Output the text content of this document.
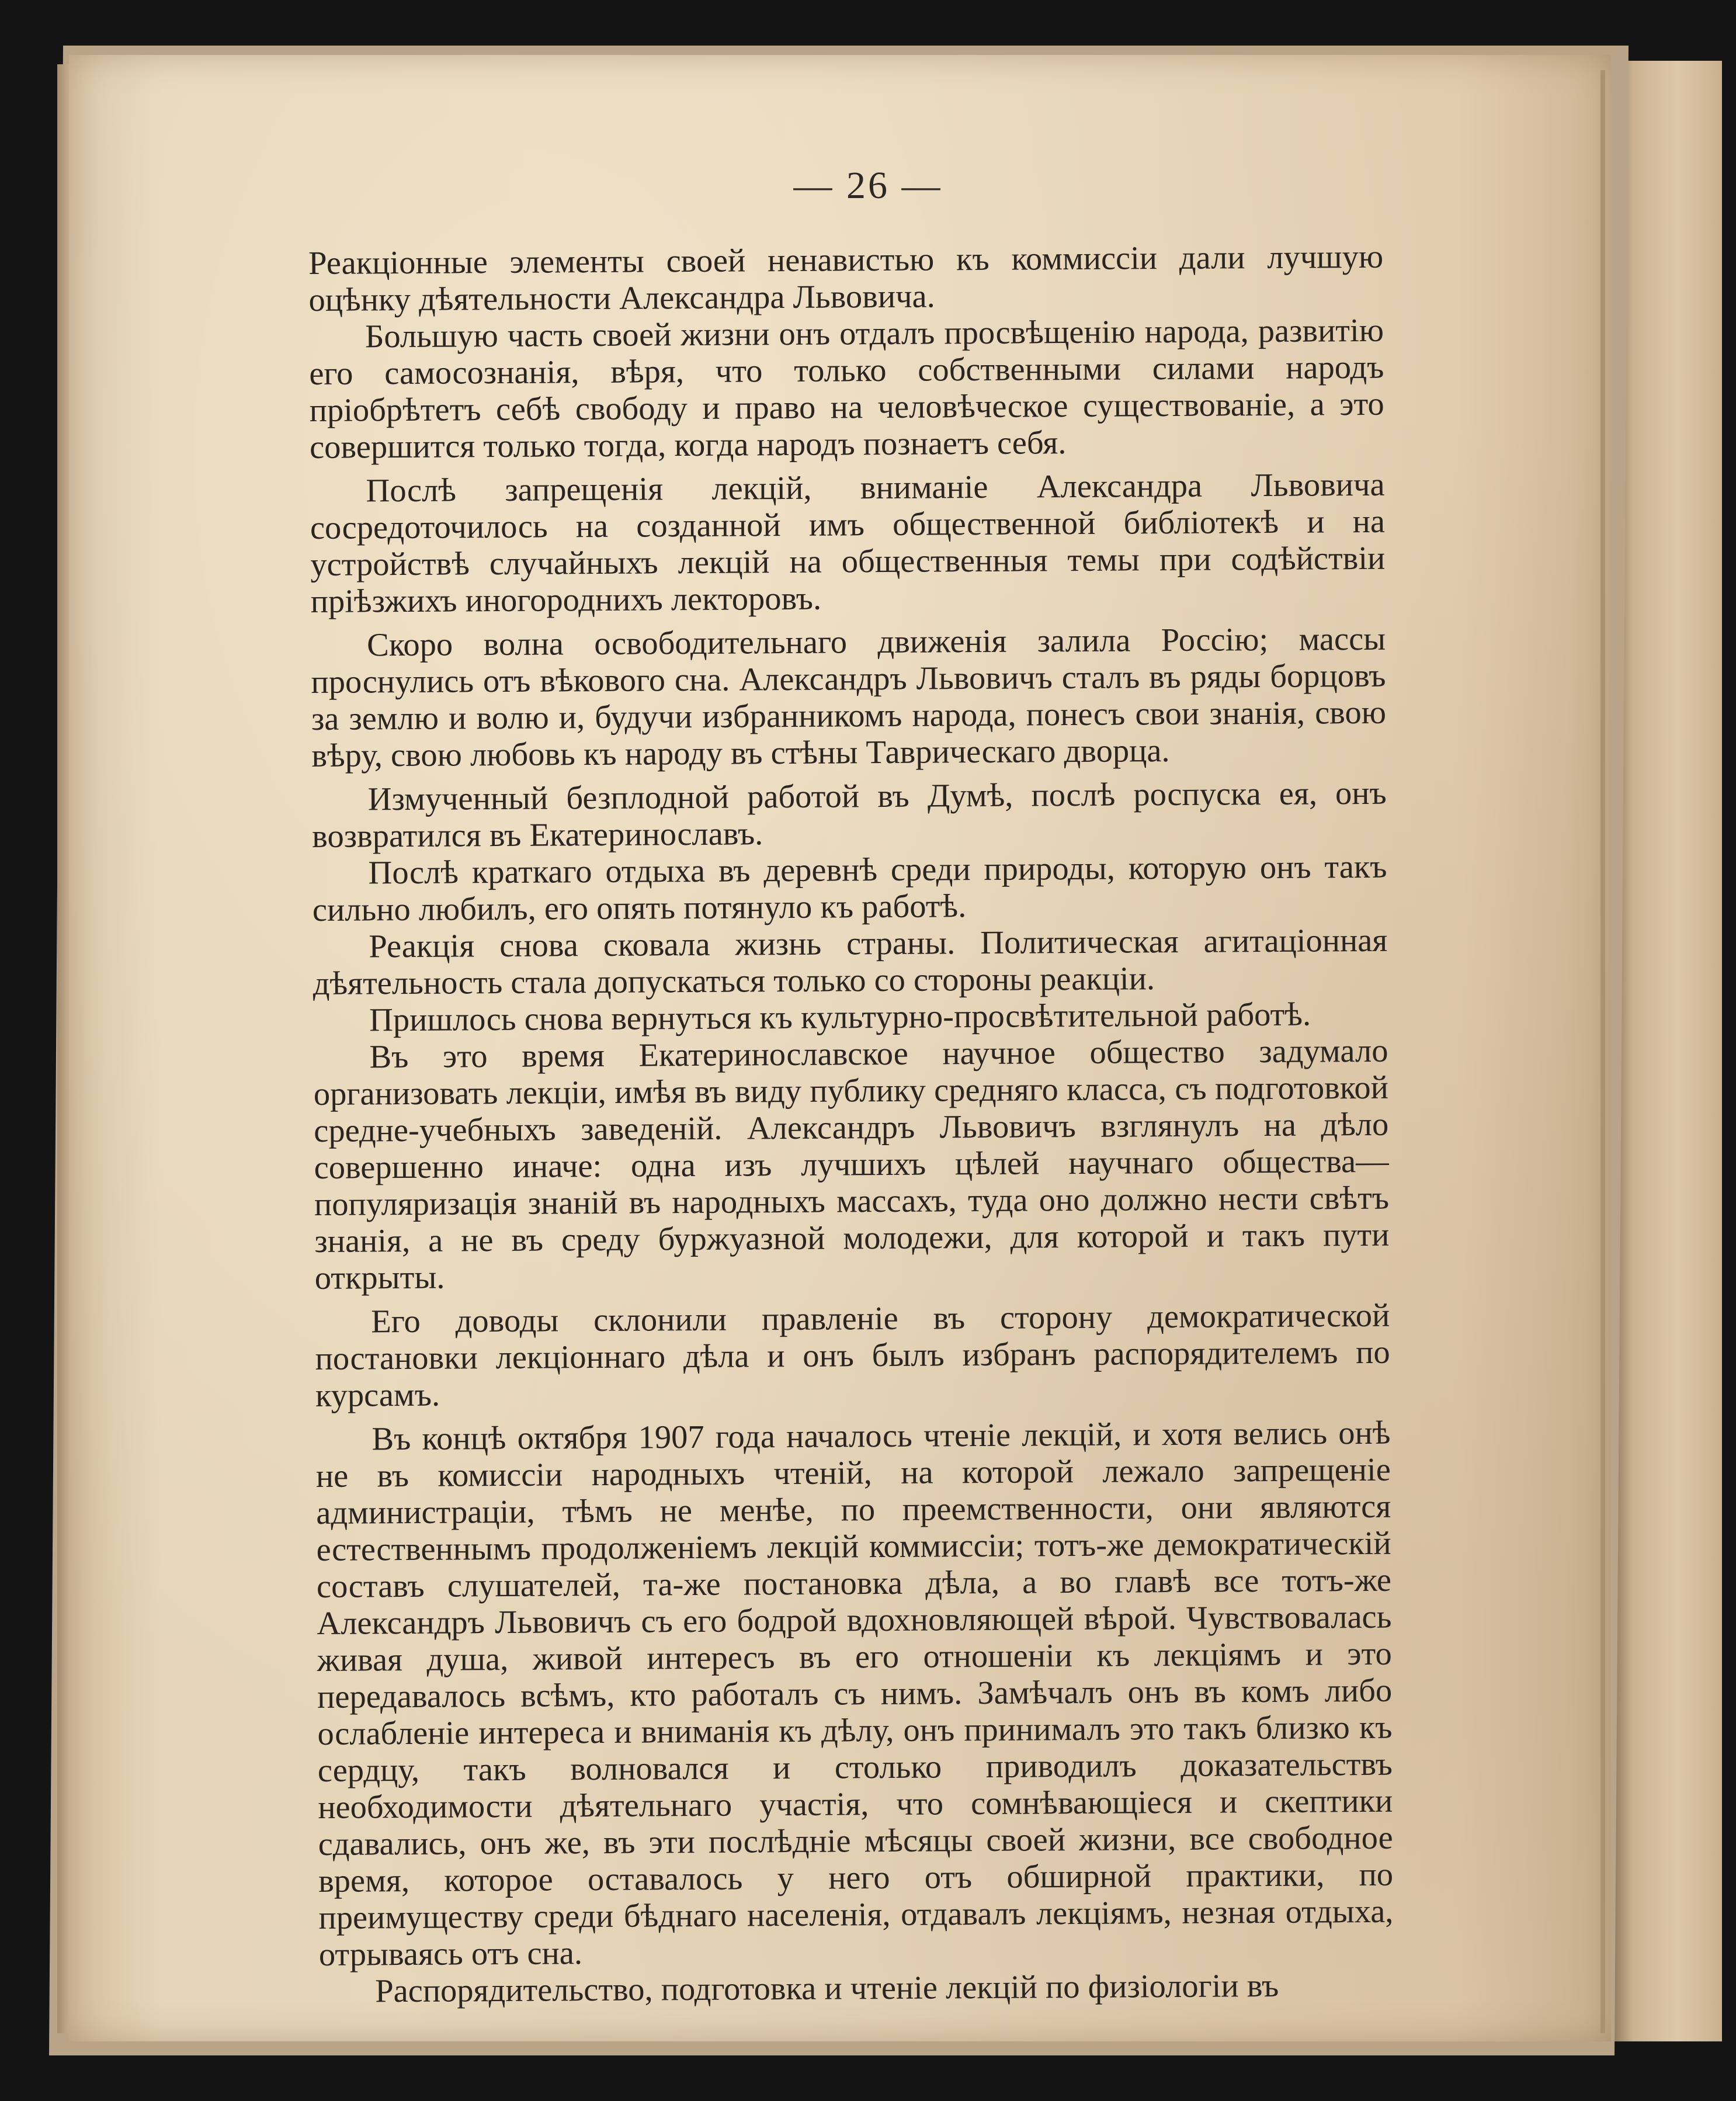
— 26 —

Реакціонные элементы своей ненавистью къ коммиссіи дали лучшую оцѣнку дѣятельности Александра Львовича.

Большую часть своей жизни онъ отдалъ просвѣщенію народа, развитію его самосознанія, вѣря, что только собственными силами народъ пріобрѣтетъ себѣ свободу и право на человѣческое существованіе, а это совершится только тогда, когда народъ познаетъ себя.

Послѣ запрещенія лекцій, вниманіе Александра Львовича сосредоточилось на созданной имъ общественной библіотекѣ и на устройствѣ случайныхъ лекцій на общественныя темы при содѣйствіи пріѣзжихъ иногороднихъ лекторовъ.

Скоро волна освободительнаго движенія залила Россію; массы проснулись отъ вѣкового сна. Александръ Львовичъ сталъ въ ряды борцовъ за землю и волю и, будучи избранникомъ народа, понесъ свои знанія, свою вѣру, свою любовь къ народу въ стѣны Таврическаго дворца.

Измученный безплодной работой въ Думѣ, послѣ роспуска ея, онъ возвратился въ Екатеринославъ.

Послѣ краткаго отдыха въ деревнѣ среди природы, которую онъ такъ сильно любилъ, его опять потянуло къ работѣ.

Реакція снова сковала жизнь страны. Политическая агитаціонная дѣятельность стала допускаться только со стороны реакціи.

Пришлось снова вернуться къ культурно-просвѣтительной работѣ.

Въ это время Екатеринославское научное общество задумало организовать лекціи, имѣя въ виду публику средняго класса, съ подготовкой средне-учебныхъ заведеній. Александръ Львовичъ взглянулъ на дѣло совершенно иначе: одна изъ лучшихъ цѣлей научнаго общества—популяризація знаній въ народныхъ массахъ, туда оно должно нести свѣтъ знанія, а не въ среду буржуазной молодежи, для которой и такъ пути открыты.

Его доводы склонили правленіе въ сторону демократической постановки лекціоннаго дѣла и онъ былъ избранъ распорядителемъ по курсамъ.

Въ концѣ октября 1907 года началось чтеніе лекцій, и хотя велись онѣ не въ комиссіи народныхъ чтеній, на которой лежало запрещеніе администраціи, тѣмъ не менѣе, по преемственности, они являются естественнымъ продолженіемъ лекцій коммиссіи; тотъ-же демократическій составъ слушателей, та-же постановка дѣла, а во главѣ все тотъ-же Александръ Львовичъ съ его бодрой вдохновляющей вѣрой. Чувствовалась живая душа, живой интересъ въ его отношеніи къ лекціямъ и это передавалось всѣмъ, кто работалъ съ нимъ. Замѣчалъ онъ въ комъ либо ослабленіе интереса и вниманія къ дѣлу, онъ принималъ это такъ близко къ сердцу, такъ волновался и столько приводилъ доказательствъ необходимости дѣятельнаго участія, что сомнѣвающіеся и скептики сдавались, онъ же, въ эти послѣдніе мѣсяцы своей жизни, все свободное время, которое оставалось у него отъ обширной практики, по преимуществу среди бѣднаго населенія, отдавалъ лекціямъ, незная отдыха, отрываясь отъ сна.

Распорядительство, подготовка и чтеніе лекцій по физіологіи въ
